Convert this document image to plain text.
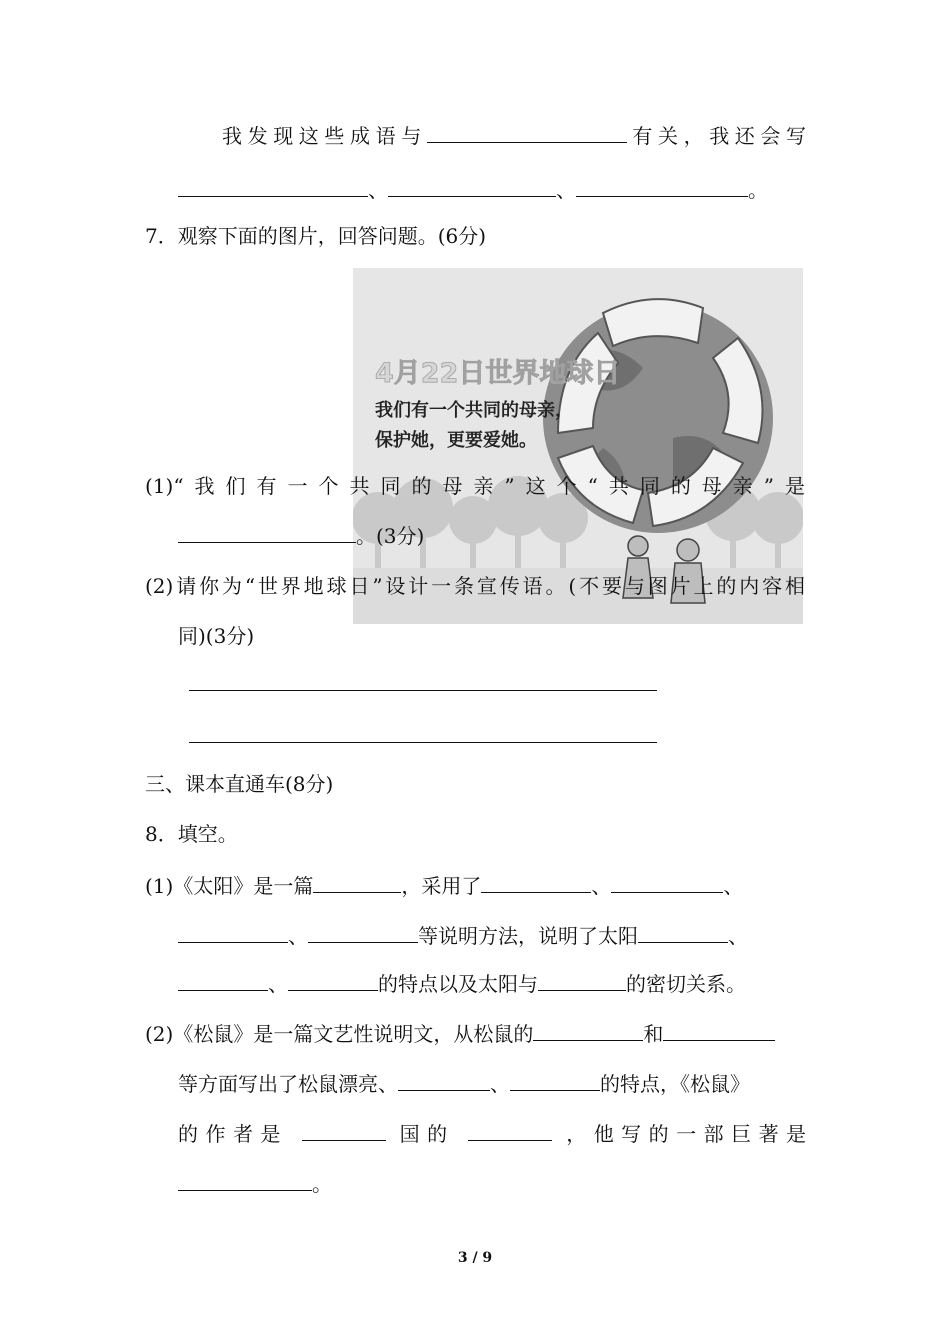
我发现这些成语与	有关，我还会写
、	、	。
7．观察下面的图片，回答问题。(6分)
4月22日世界地球日
我们有一个共同的母亲，
保护她，更要爱她。
(1)“我们有一个共同的母亲”这个“共同的母亲”是
。(3分)
(2)请你为“世界地球日”设计一条宣传语。(不要与图片上的内容相
同)(3分)
三、课本直通车(8分)
8．填空。
(1)《太阳》是一篇	，采用了	、	、
、	等说明方法，说明了太阳	、
、	的特点以及太阳与	的密切关系。
(2)《松鼠》是一篇文艺性说明文，从松鼠的	和
等方面写出了松鼠漂亮、	、	的特点，《松鼠》
的作者是	国的	，他写的一部巨著是
。
3 / 9
